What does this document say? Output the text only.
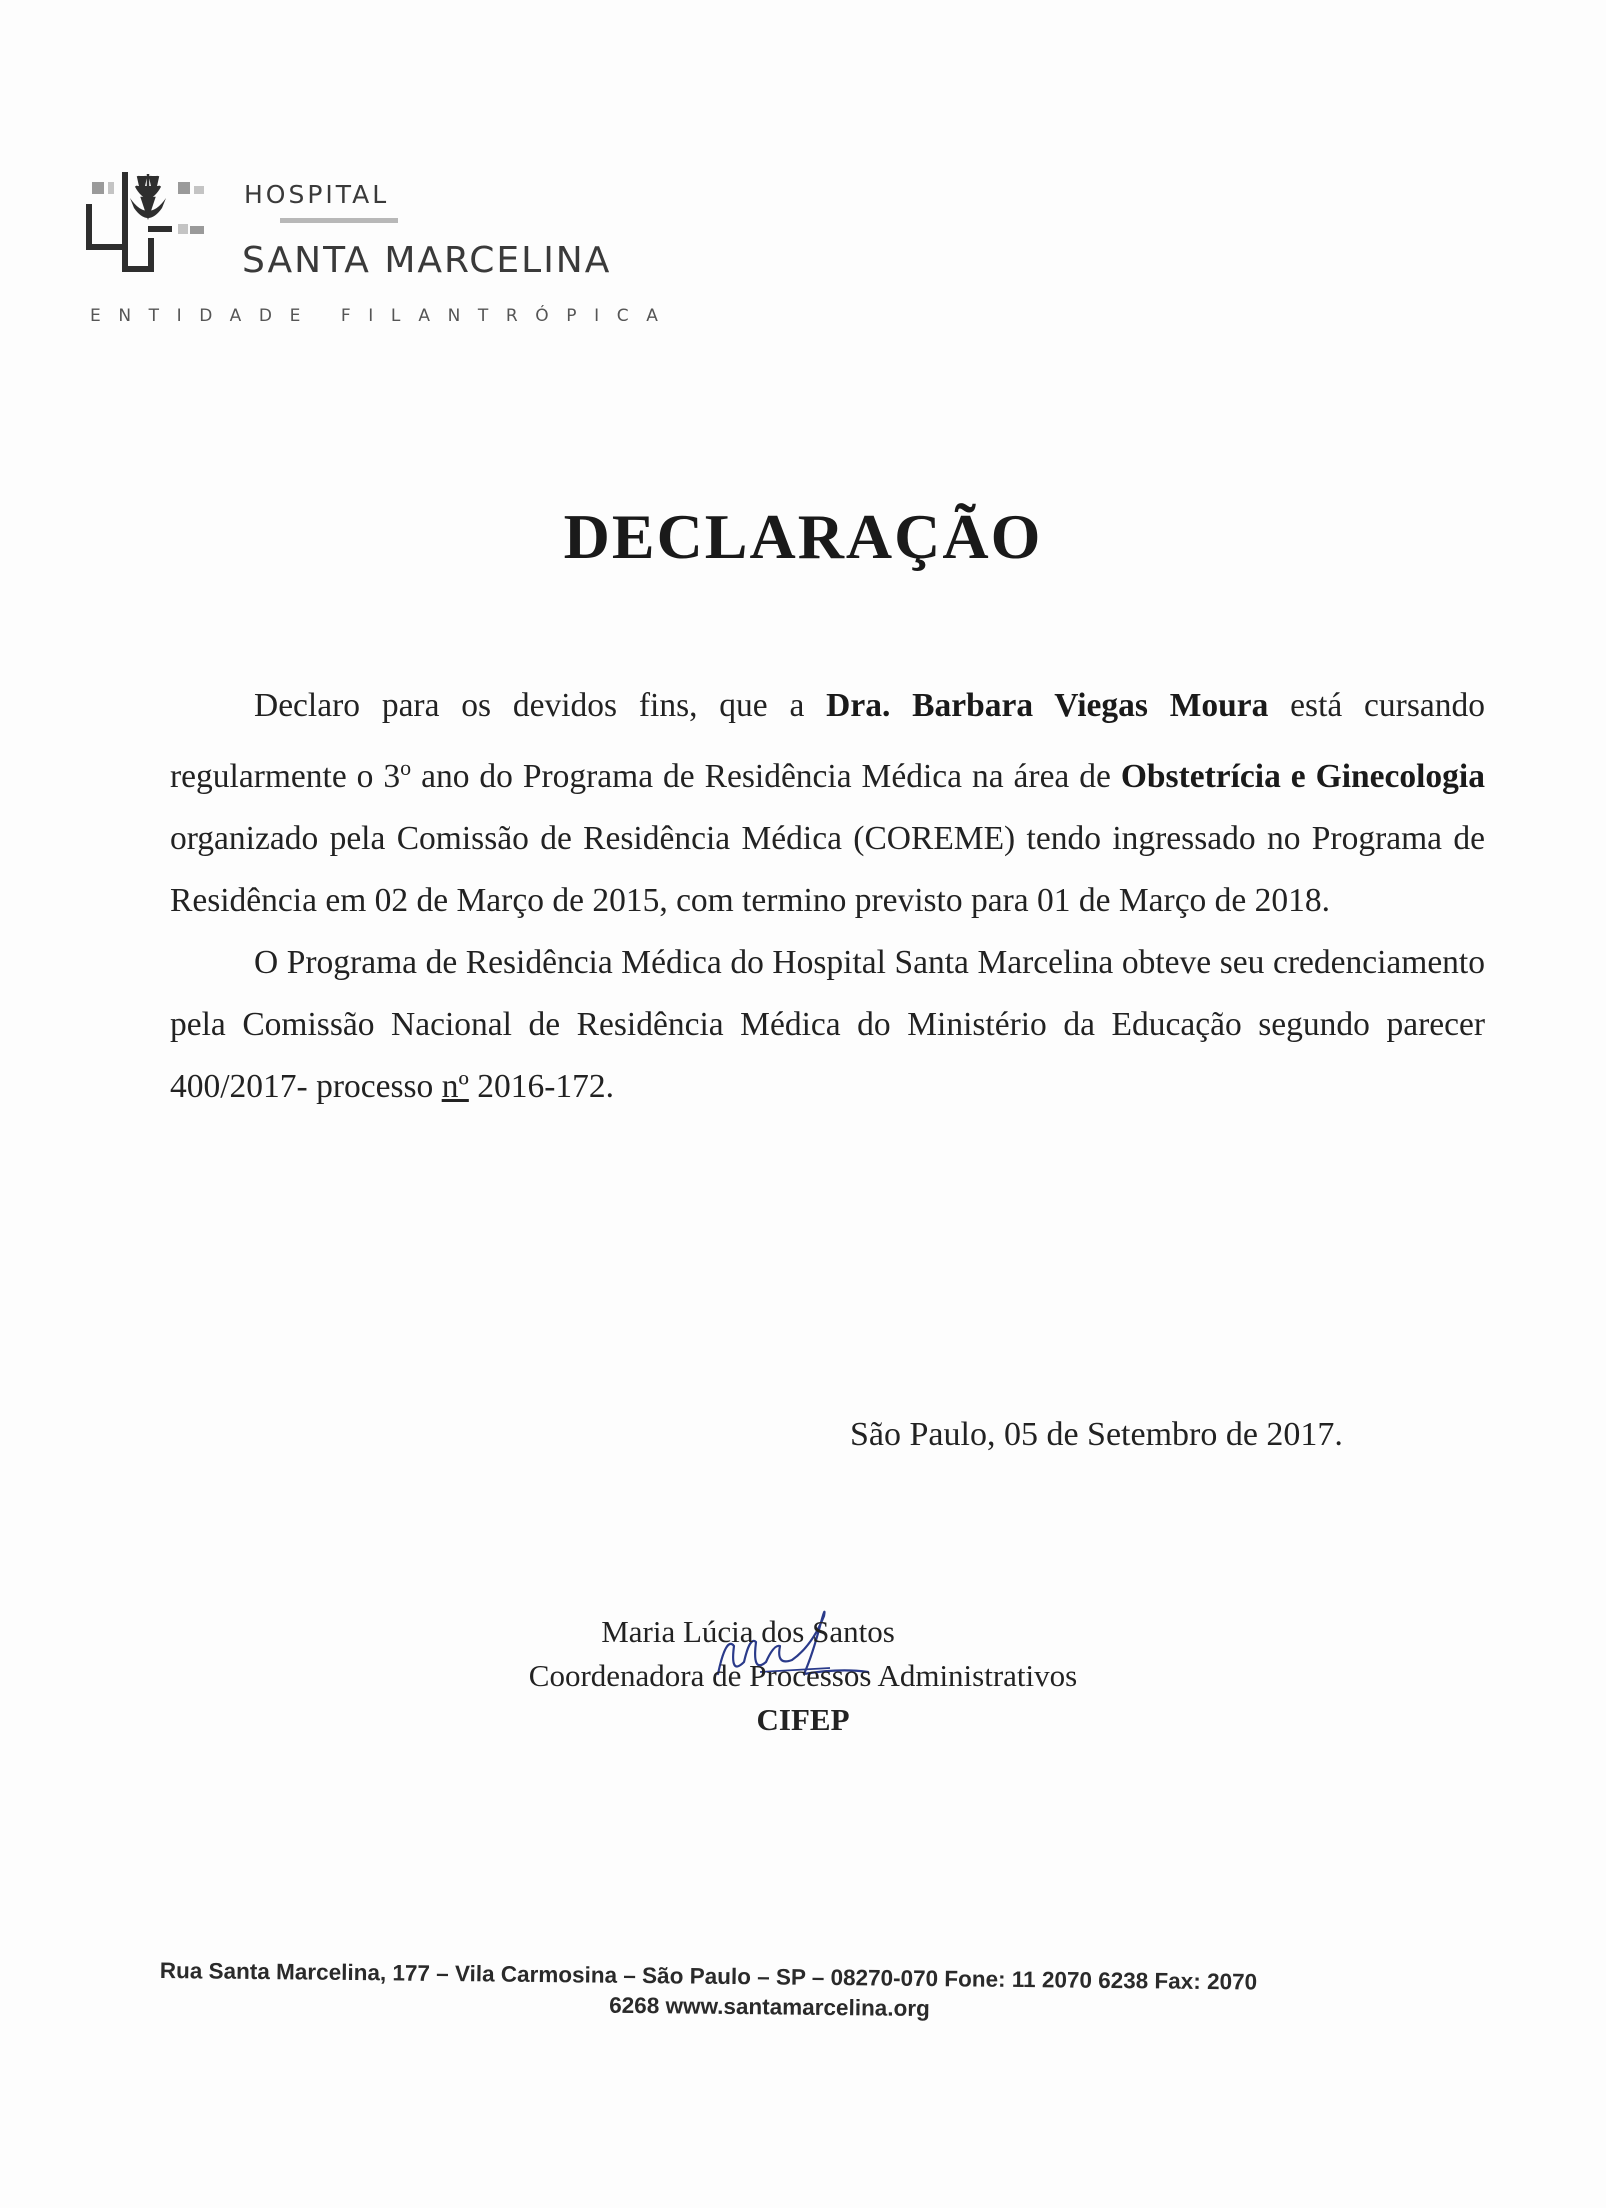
HOSPITAL
SANTA MARCELINA
ENTIDADE FILANTRÓPICA
DECLARAÇÃO

Declaro para os devidos fins, que a Dra. Barbara Viegas Moura está cursando regularmente o 3$^o$ ano do Programa de Residência Médica na área de Obstetrícia e Ginecologia organizado pela Comissão de Residência Médica (COREME) tendo ingressado no Programa de Residência em 02 de Março de 2015, com termino previsto para 01 de Março de 2018.

O Programa de Residência Médica do Hospital Santa Marcelina obteve seu credenciamento pela Comissão Nacional de Residência Médica do Ministério da Educação segundo parecer 400/2017- processo nº 2016-172.

São Paulo, 05 de Setembro de 2017.
Maria Lúcia dos Santos
Coordenadora de Processos Administrativos
CIFEP
Rua Santa Marcelina, 177 – Vila Carmosina – São Paulo – SP – 08270-070 Fone: 11 2070 6238 Fax: 2070
6268 www.santamarcelina.org
